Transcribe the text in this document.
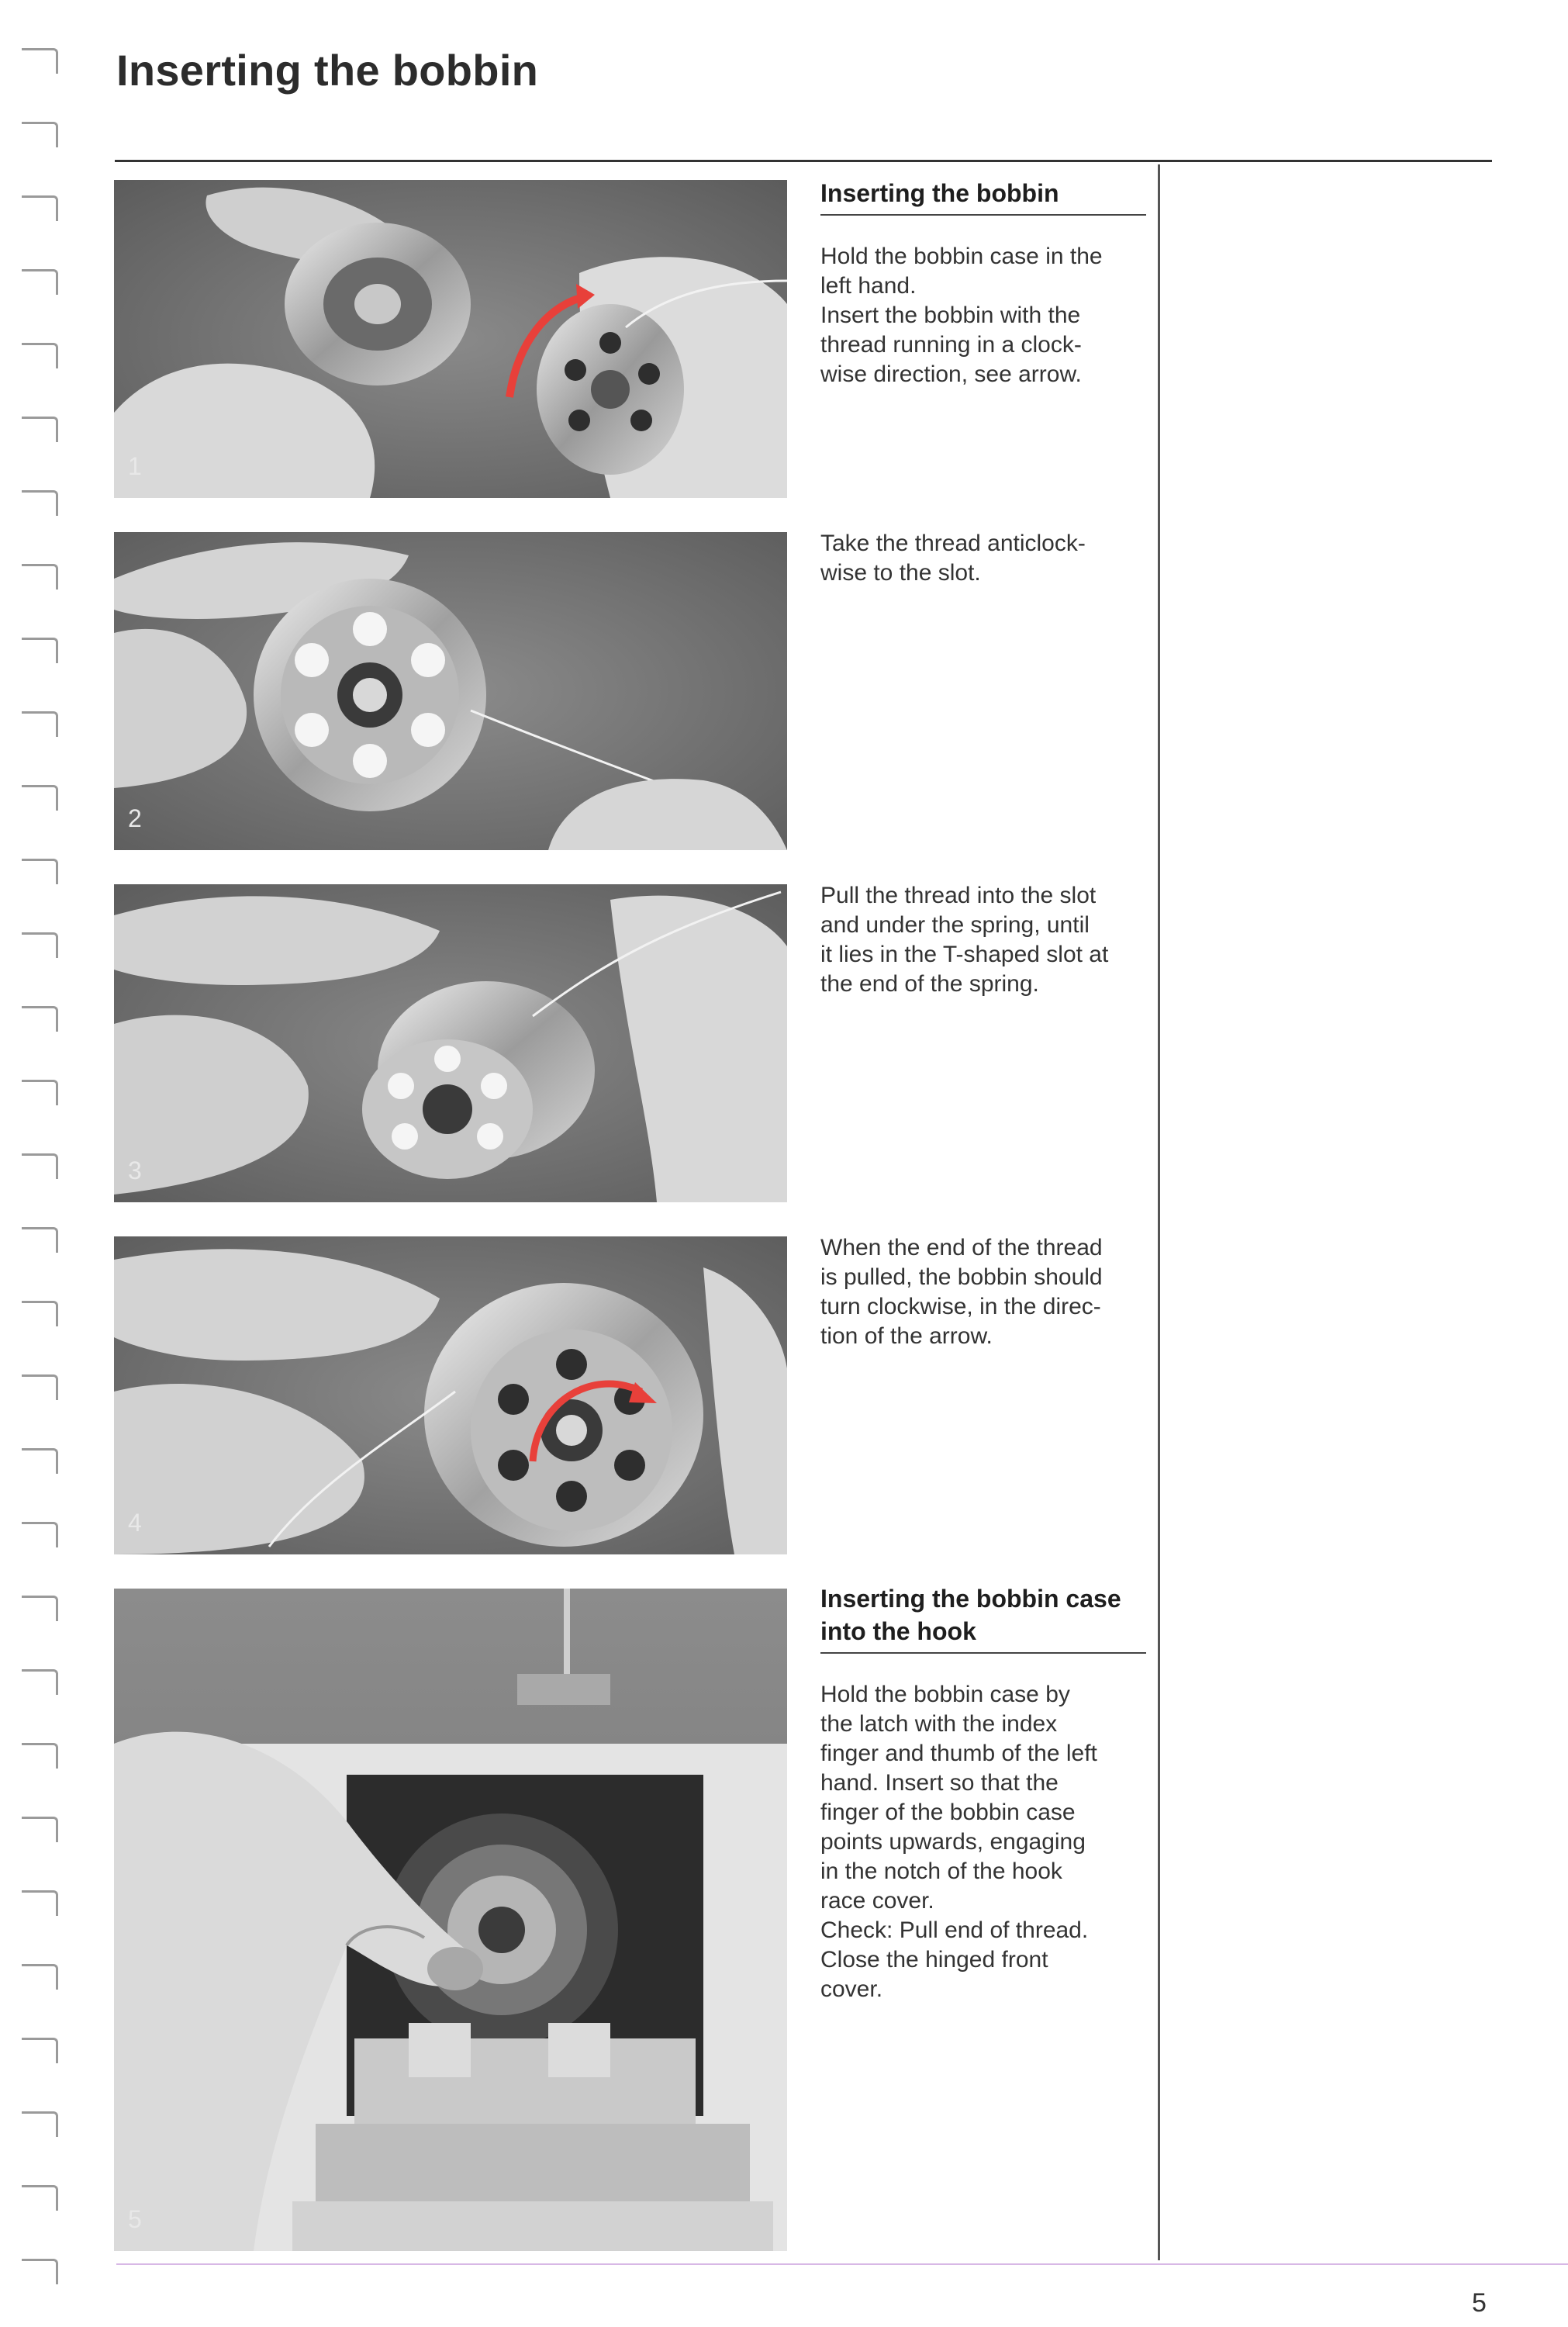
Inserting the bobbin
1
2
3
4
5
Inserting the bobbin

Hold the bobbin case in the
left hand.
Insert the bobbin with the
thread running in a clock-
wise direction, see arrow.

Take the thread anticlock-
wise to the slot.

Pull the thread into the slot
and under the spring, until
it lies in the T-shaped slot at
the end of the spring.

When the end of the thread
is pulled, the bobbin should
turn clockwise, in the direc-
tion of the arrow.

Inserting the bobbin case into the hook

Hold the bobbin case by
the latch with the index
finger and thumb of the left
hand. Insert so that the
finger of the bobbin case
points upwards, engaging
in the notch of the hook
race cover.
Check: Pull end of thread.
Close the hinged front
cover.

5
